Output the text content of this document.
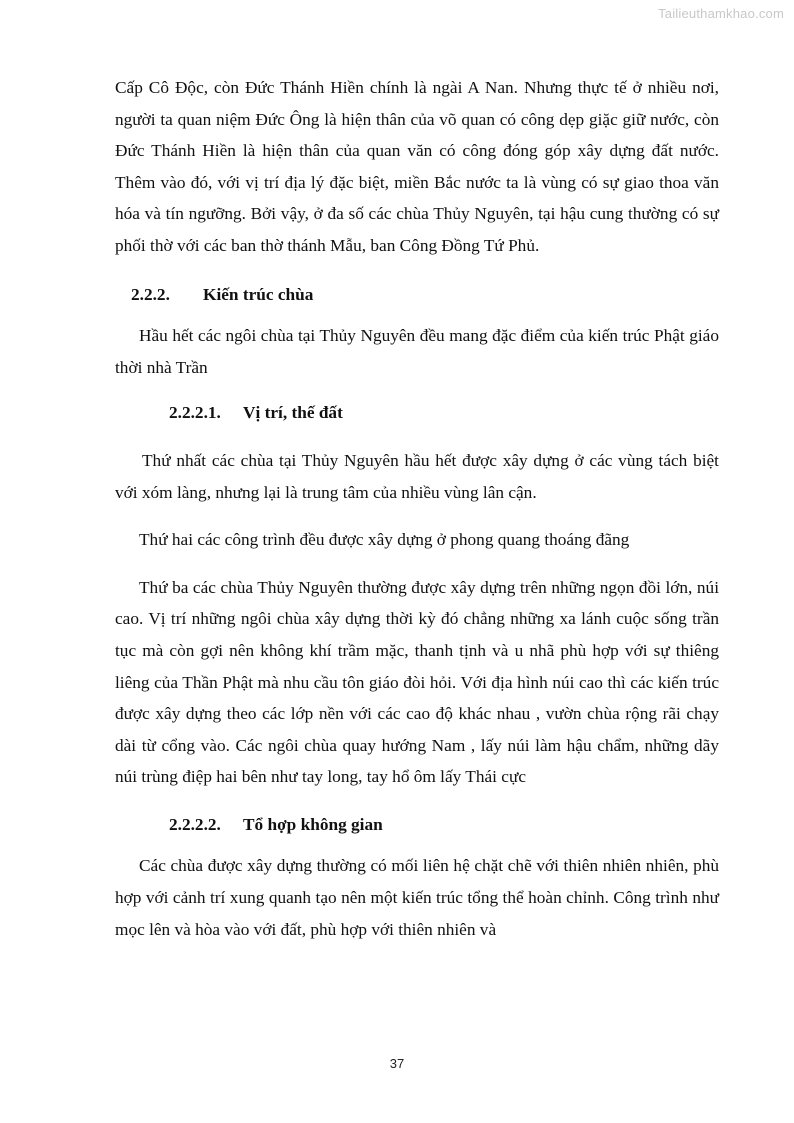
Tailieuthamkhao.com

Cấp Cô Độc, còn Đức Thánh Hiền chính là ngài A Nan. Nhưng thực tế ở nhiều nơi, người ta quan niệm Đức Ông là hiện thân của võ quan có công dẹp giặc giữ nước, còn Đức Thánh Hiền là hiện thân của quan văn có công đóng góp xây dựng đất nước. Thêm vào đó, với vị trí địa lý đặc biệt, miền Bắc nước ta là vùng có sự giao thoa văn hóa và tín ngưỡng. Bởi vậy, ở đa số các chùa Thủy Nguyên, tại hậu cung thường có sự phối thờ với các ban thờ thánh Mẫu, ban Công Đồng Tứ Phủ.

2.2.2. Kiến trúc chùa

Hầu hết các ngôi chùa tại Thủy Nguyên đều mang đặc điểm của kiến trúc Phật giáo thời nhà Trần

2.2.2.1. Vị trí, thế đất

Thứ nhất các chùa tại Thủy Nguyên hầu hết được xây dựng ở các vùng tách biệt với xóm làng, nhưng lại là trung tâm của nhiều vùng lân cận.

Thứ hai các công trình đều được xây dựng ở phong quang thoáng đãng

Thứ ba các chùa Thủy Nguyên thường được xây dựng trên những ngọn đồi lớn, núi cao. Vị trí những ngôi chùa xây dựng thời kỳ đó chẳng những xa lánh cuộc sống trần tục mà còn gợi nên không khí trầm mặc, thanh tịnh và u nhã phù hợp với sự thiêng liêng của Thần Phật mà nhu cầu tôn giáo đòi hỏi. Với địa hình núi cao thì các kiến trúc được xây dựng theo các lớp nền với các cao độ khác nhau , vườn chùa rộng rãi chạy dài từ cổng vào. Các ngôi chùa quay hướng Nam , lấy núi làm hậu chẩm, những dãy núi trùng điệp hai bên như tay long, tay hổ ôm lấy Thái cực

2.2.2.2. Tổ hợp không gian

Các chùa được xây dựng thường có mối liên hệ chặt chẽ với thiên nhiên nhiên, phù hợp với cảnh trí xung quanh tạo nên một kiến trúc tổng thể hoàn chỉnh. Công trình như mọc lên và hòa vào với đất, phù hợp với thiên nhiên và

37
